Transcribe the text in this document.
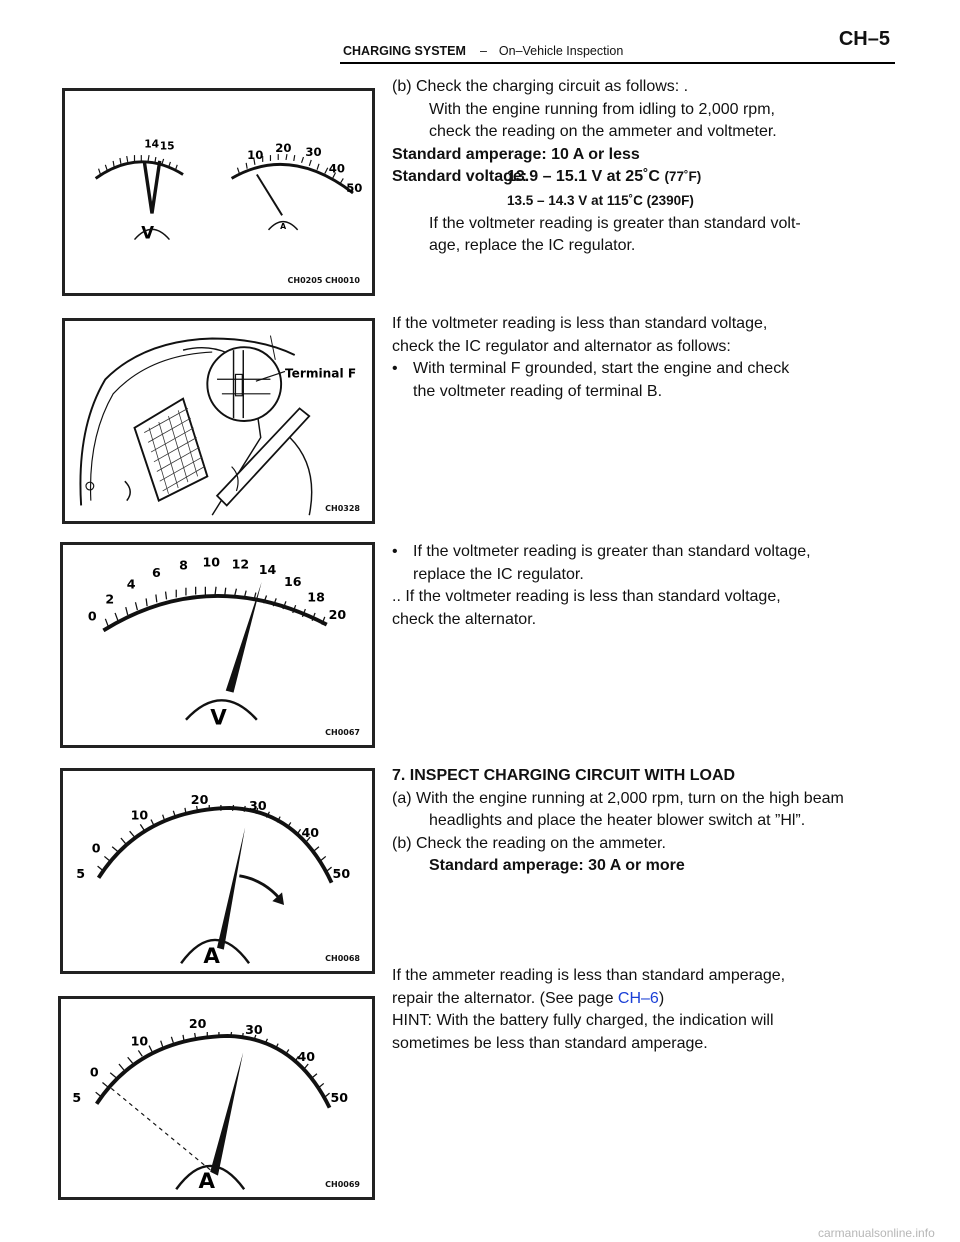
CHARGING SYSTEM – On–Vehicle Inspection
CH–5
14 15
V
10 20 30
40
50
A
CH0205 CH0010
Terminal F
CH0328
0
2
4
6
8 10 12 14
16
18
20
V
CH0067
5
0
10
20	30
40
50
A	CH0068
5
0
10
20	30
40
50
A	CH0069

(b) Check the charging circuit as follows: .

With the engine running from idling to 2,000 rpm,

check the reading on the ammeter and voltmeter.

Standard amperage: 10 A or less

Standard voltage:13.9 – 15.1 V at 25˚C (77˚F)

13.5 – 14.3 V at 115˚C (2390F)

If the voltmeter reading is greater than standard volt-

age, replace the IC regulator.

If the voltmeter reading is less than standard voltage,

check the IC regulator and alternator as follows:

• With terminal F grounded, start the engine and check

the voltmeter reading of terminal B.

• If the voltmeter reading is greater than standard voltage,

replace the IC regulator.

.. If the voltmeter reading is less than standard voltage,

check the alternator.

7. INSPECT CHARGING CIRCUIT WITH LOAD

(a) With the engine running at 2,000 rpm, turn on the high beam

headlights and place the heater blower switch at ”Hl”.

(b) Check the reading on the ammeter.

Standard amperage: 30 A or more

If the ammeter reading is less than standard amperage,

repair the alternator. (See page CH–6)

HINT: With the battery fully charged, the indication will

sometimes be less than standard amperage.

carmanualsonline.info
